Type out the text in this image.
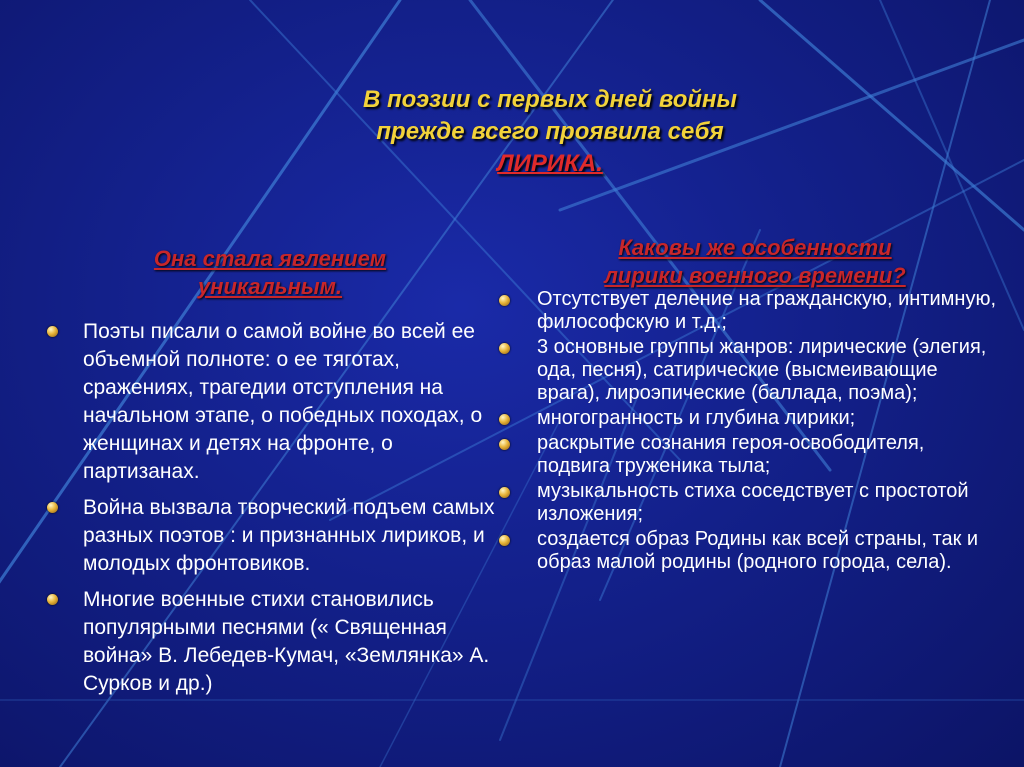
В поэзии с первых дней войны
прежде всего проявила себя
ЛИРИКА.
Она стала явлением
уникальным.
Каковы же особенности
лирики военного времени?
Поэты писали о самой войне во всей ее объемной полноте: о ее тяготах, сражениях, трагедии отступления на начальном этапе, о победных походах, о женщинах и детях на фронте, о партизанах.
Война вызвала творческий подъем самых разных поэтов : и признанных лириков, и молодых фронтовиков.
Многие военные стихи становились популярными песнями (« Священная война» В. Лебедев-Кумач, «Землянка» А. Сурков и др.)
Отсутствует деление на гражданскую, интимную, философскую и т.д.;
3 основные группы жанров: лирические (элегия, ода, песня), сатирические (высмеивающие врага), лироэпические (баллада, поэма);
многогранность и глубина лирики;
раскрытие сознания героя-освободителя, подвига труженика тыла;
музыкальность стиха соседствует с простотой изложения;
создается образ Родины как всей страны, так и образ малой родины (родного города, села).
